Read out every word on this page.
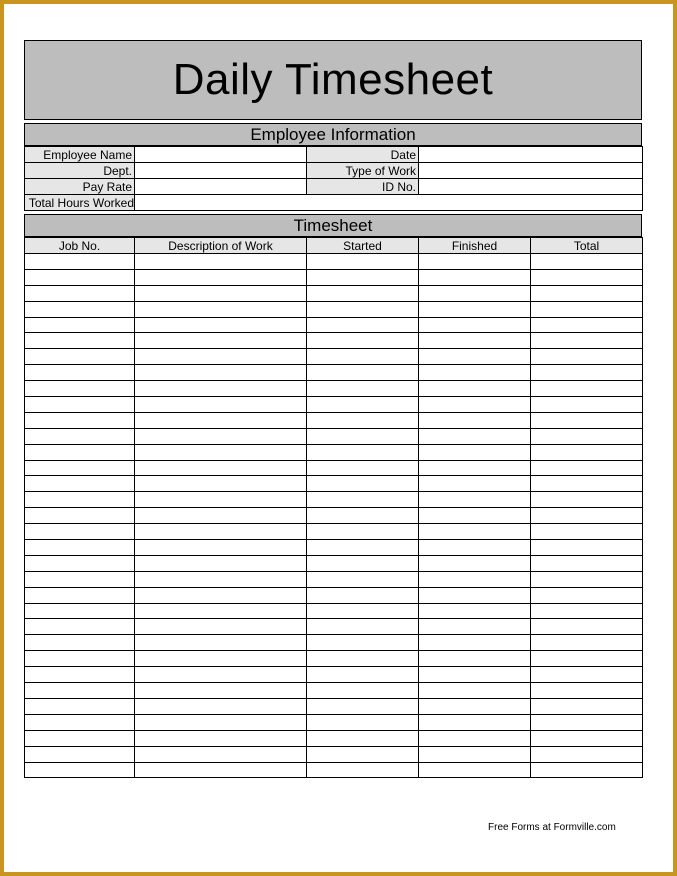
Daily Timesheet
Employee Information
Employee Name		Date	
Dept.		Type of Work	
Pay Rate		ID No.	
Total Hours Worked			
Timesheet
Job No.	Description of Work	Started	Finished	Total

Free Forms at Formville.com
